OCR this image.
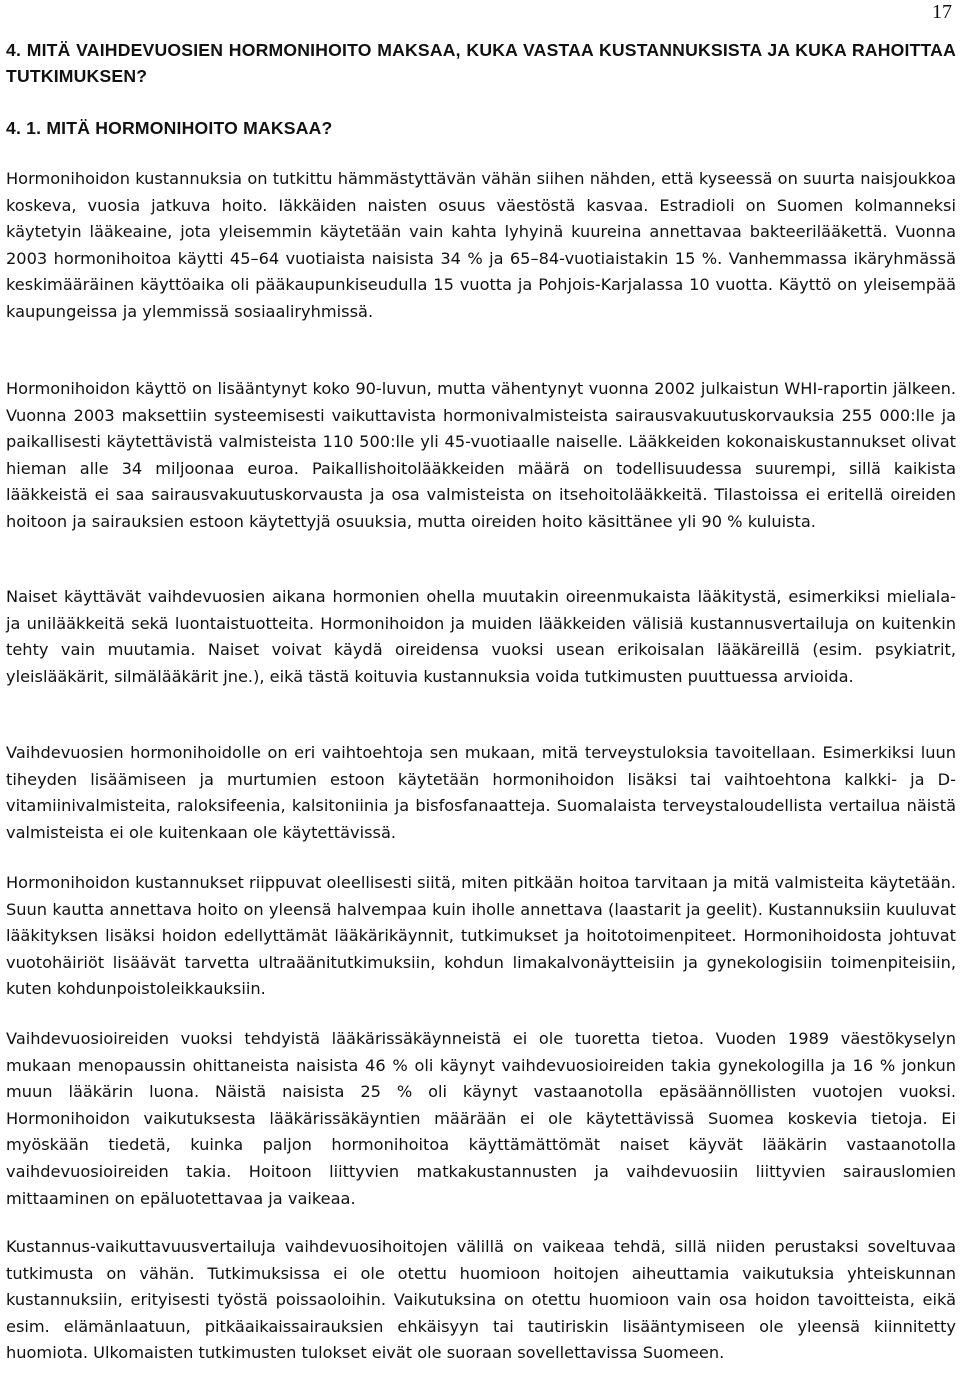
17
4. MITÄ VAIHDEVUOSIEN HORMONIHOITO MAKSAA, KUKA VASTAA KUSTANNUKSISTA JA KUKA RAHOITTAA TUTKIMUKSEN?
4. 1. MITÄ HORMONIHOITO MAKSAA?

Hormonihoidon kustannuksia on tutkittu hämmästyttävän vähän siihen nähden, että kyseessä on suurta naisjoukkoa koskeva, vuosia jatkuva hoito. Iäkkäiden naisten osuus väestöstä kasvaa. Estradioli on Suomen kolmanneksi käytetyin lääkeaine, jota yleisemmin käytetään vain kahta lyhyinä kuureina annettavaa bakteerilääkettä. Vuonna 2003 hormonihoitoa käytti 45–64 vuotiaista naisista 34 % ja 65–84-vuotiaistakin 15 %. Vanhemmassa ikäryhmässä keskimääräinen käyttöaika oli pääkaupunkiseudulla 15 vuotta ja Pohjois-Karjalassa 10 vuotta. Käyttö on yleisempää kaupungeissa ja ylemmissä sosiaaliryhmissä.

Hormonihoidon käyttö on lisääntynyt koko 90-luvun, mutta vähentynyt vuonna 2002 julkaistun WHI-raportin jälkeen. Vuonna 2003 maksettiin systeemisesti vaikuttavista hormonivalmisteista sairausvakuutuskorvauksia 255 000:lle ja paikallisesti käytettävistä valmisteista 110 500:lle yli 45-vuotiaalle naiselle. Lääkkeiden kokonaiskustannukset olivat hieman alle 34 miljoonaa euroa. Paikallishoitolääkkeiden määrä on todellisuudessa suurempi, sillä kaikista lääkkeistä ei saa sairausvakuutuskorvausta ja osa valmisteista on itsehoitolääkkeitä. Tilastoissa ei eritellä oireiden hoitoon ja sairauksien estoon käytettyjä osuuksia, mutta oireiden hoito käsittänee yli 90 % kuluista.

Naiset käyttävät vaihdevuosien aikana hormonien ohella muutakin oireenmukaista lääkitystä, esimerkiksi mieliala- ja unilääkkeitä sekä luontaistuotteita. Hormonihoidon ja muiden lääkkeiden välisiä kustannusvertailuja on kuitenkin tehty vain muutamia. Naiset voivat käydä oireidensa vuoksi usean erikoisalan lääkäreillä (esim. psykiatrit, yleislääkärit, silmälääkärit jne.), eikä tästä koituvia kustannuksia voida tutkimusten puuttuessa arvioida.

Vaihdevuosien hormonihoidolle on eri vaihtoehtoja sen mukaan, mitä terveystuloksia tavoitellaan. Esimerkiksi luun tiheyden lisäämiseen ja murtumien estoon käytetään hormonihoidon lisäksi tai vaihtoehtona kalkki- ja D-vitamiinivalmisteita, raloksifeenia, kalsitoniinia ja bisfosfanaatteja. Suomalaista terveystaloudellista vertailua näistä valmisteista ei ole kuitenkaan ole käytettävissä.

Hormonihoidon kustannukset riippuvat oleellisesti siitä, miten pitkään hoitoa tarvitaan ja mitä valmisteita käytetään. Suun kautta annettava hoito on yleensä halvempaa kuin iholle annettava (laastarit ja geelit). Kustannuksiin kuuluvat lääkityksen lisäksi hoidon edellyttämät lääkärikäynnit, tutkimukset ja hoitotoimenpiteet. Hormonihoidosta johtuvat vuotohäiriöt lisäävät tarvetta ultraäänitutkimuksiin, kohdun limakalvonäytteisiin ja gynekologisiin toimenpiteisiin, kuten kohdunpoistoleikkauksiin.

Vaihdevuosioireiden vuoksi tehdyistä lääkärissäkäynneistä ei ole tuoretta tietoa. Vuoden 1989 väestökyselyn mukaan menopaussin ohittaneista naisista 46 % oli käynyt vaihdevuosioireiden takia gynekologilla ja 16 % jonkun muun lääkärin luona. Näistä naisista 25 % oli käynyt vastaanotolla epäsäännöllisten vuotojen vuoksi. Hormonihoidon vaikutuksesta lääkärissäkäyntien määrään ei ole käytettävissä Suomea koskevia tietoja. Ei myöskään tiedetä, kuinka paljon hormonihoitoa käyttämättömät naiset käyvät lääkärin vastaanotolla vaihdevuosioireiden takia. Hoitoon liittyvien matkakustannusten ja vaihdevuosiin liittyvien sairauslomien mittaaminen on epäluotettavaa ja vaikeaa.

Kustannus-vaikuttavuusvertailuja vaihdevuosihoitojen välillä on vaikeaa tehdä, sillä niiden perustaksi soveltuvaa tutkimusta on vähän. Tutkimuksissa ei ole otettu huomioon hoitojen aiheuttamia vaikutuksia yhteiskunnan kustannuksiin, erityisesti työstä poissaoloihin. Vaikutuksina on otettu huomioon vain osa hoidon tavoitteista, eikä esim. elämänlaatuun, pitkäaikaissairauksien ehkäisyyn tai tautiriskin lisääntymiseen ole yleensä kiinnitetty huomiota. Ulkomaisten tutkimusten tulokset eivät ole suoraan sovellettavissa Suomeen.
